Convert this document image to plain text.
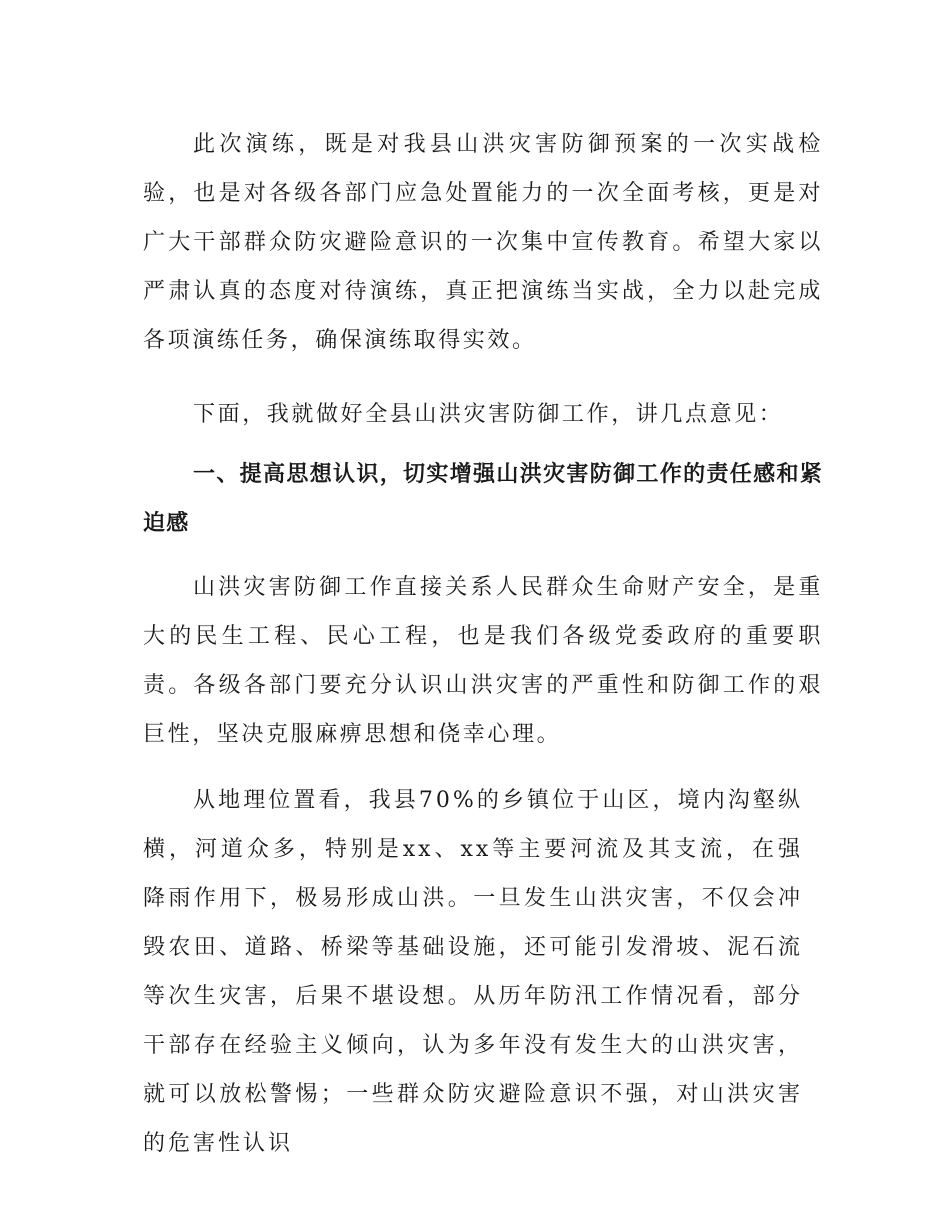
此次演练，既是对我县山洪灾害防御预案的一次实战检验，也是对各级各部门应急处置能力的一次全面考核，更是对广大干部群众防灾避险意识的一次集中宣传教育。希望大家以严肃认真的态度对待演练，真正把演练当实战，全力以赴完成各项演练任务，确保演练取得实效。

下面，我就做好全县山洪灾害防御工作，讲几点意见：

一、提高思想认识，切实增强山洪灾害防御工作的责任感和紧迫感

山洪灾害防御工作直接关系人民群众生命财产安全，是重大的民生工程、民心工程，也是我们各级党委政府的重要职责。各级各部门要充分认识山洪灾害的严重性和防御工作的艰巨性，坚决克服麻痹思想和侥幸心理。

从地理位置看，我县70%的乡镇位于山区，境内沟壑纵横，河道众多，特别是xx、xx等主要河流及其支流，在强降雨作用下，极易形成山洪。一旦发生山洪灾害，不仅会冲毁农田、道路、桥梁等基础设施，还可能引发滑坡、泥石流等次生灾害，后果不堪设想。从历年防汛工作情况看，部分干部存在经验主义倾向，认为多年没有发生大的山洪灾害，就可以放松警惕；一些群众防灾避险意识不强，对山洪灾害的危害性认识
